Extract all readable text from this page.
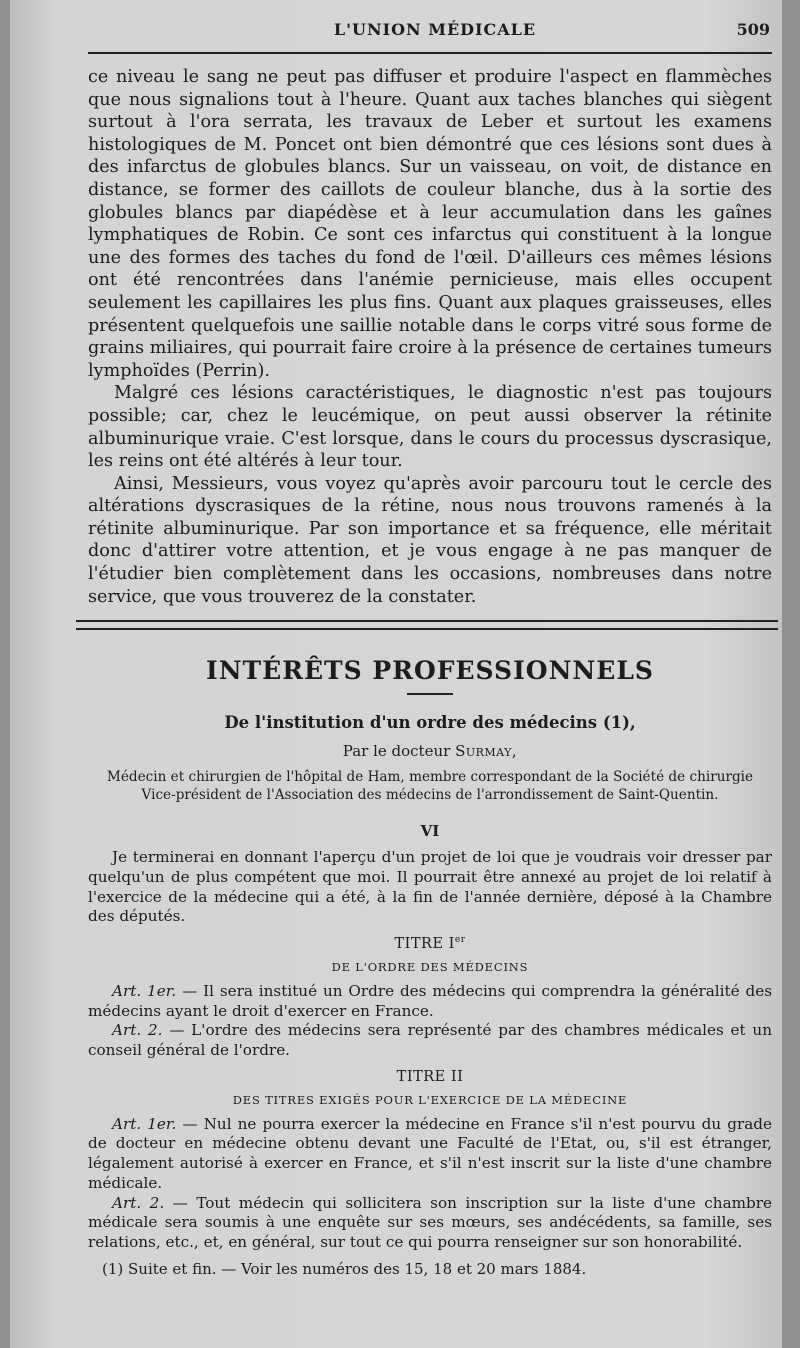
L'UNION MÉDICALE	509

ce niveau le sang ne peut pas diffuser et produire l'aspect en flammèches que nous signalions tout à l'heure. Quant aux taches blanches qui siègent surtout à l'ora serrata, les travaux de Leber et surtout les examens histologiques de M. Poncet ont bien démontré que ces lésions sont dues à des infarctus de globules blancs. Sur un vaisseau, on voit, de distance en distance, se former des caillots de couleur blanche, dus à la sortie des globules blancs par diapédèse et à leur accumulation dans les gaînes lymphatiques de Robin. Ce sont ces infarctus qui constituent à la longue une des formes des taches du fond de l'œil. D'ailleurs ces mêmes lésions ont été rencontrées dans l'anémie pernicieuse, mais elles occupent seulement les capillaires les plus fins. Quant aux plaques graisseuses, elles présentent quelquefois une saillie notable dans le corps vitré sous forme de grains miliaires, qui pourrait faire croire à la présence de certaines tumeurs lymphoïdes (Perrin).

Malgré ces lésions caractéristiques, le diagnostic n'est pas toujours possible; car, chez le leucémique, on peut aussi observer la rétinite albuminurique vraie. C'est lorsque, dans le cours du processus dyscrasique, les reins ont été altérés à leur tour.

Ainsi, Messieurs, vous voyez qu'après avoir parcouru tout le cercle des altérations dyscrasiques de la rétine, nous nous trouvons ramenés à la rétinite albuminurique. Par son importance et sa fréquence, elle méritait donc d'attirer votre attention, et je vous engage à ne pas manquer de l'étudier bien complètement dans les occasions, nombreuses dans notre service, que vous trouverez de la constater.

INTÉRÊTS PROFESSIONNELS
De l'institution d'un ordre des médecins (1),
Par le docteur Surmay,
Médecin et chirurgien de l'hôpital de Ham, membre correspondant de la Société de chirurgie
Vice-président de l'Association des médecins de l'arrondissement de Saint-Quentin.
VI

Je terminerai en donnant l'aperçu d'un projet de loi que je voudrais voir dresser par quelqu'un de plus compétent que moi. Il pourrait être annexé au projet de loi relatif à l'exercice de la médecine qui a été, à la fin de l'année dernière, déposé à la Chambre des députés.

TITRE Ier
DE L'ORDRE DES MÉDECINS

Art. 1er. — Il sera institué un Ordre des médecins qui comprendra la généralité des médecins ayant le droit d'exercer en France.

Art. 2. — L'ordre des médecins sera représenté par des chambres médicales et un conseil général de l'ordre.

TITRE II
DES TITRES EXIGÉS POUR L'EXERCICE DE LA MÉDECINE

Art. 1er. — Nul ne pourra exercer la médecine en France s'il n'est pourvu du grade de docteur en médecine obtenu devant une Faculté de l'Etat, ou, s'il est étranger, légalement autorisé à exercer en France, et s'il n'est inscrit sur la liste d'une chambre médicale.

Art. 2. — Tout médecin qui sollicitera son inscription sur la liste d'une chambre médicale sera soumis à une enquête sur ses mœurs, ses andécédents, sa famille, ses relations, etc., et, en général, sur tout ce qui pourra renseigner sur son honorabilité.

(1) Suite et fin. — Voir les numéros des 15, 18 et 20 mars 1884.
